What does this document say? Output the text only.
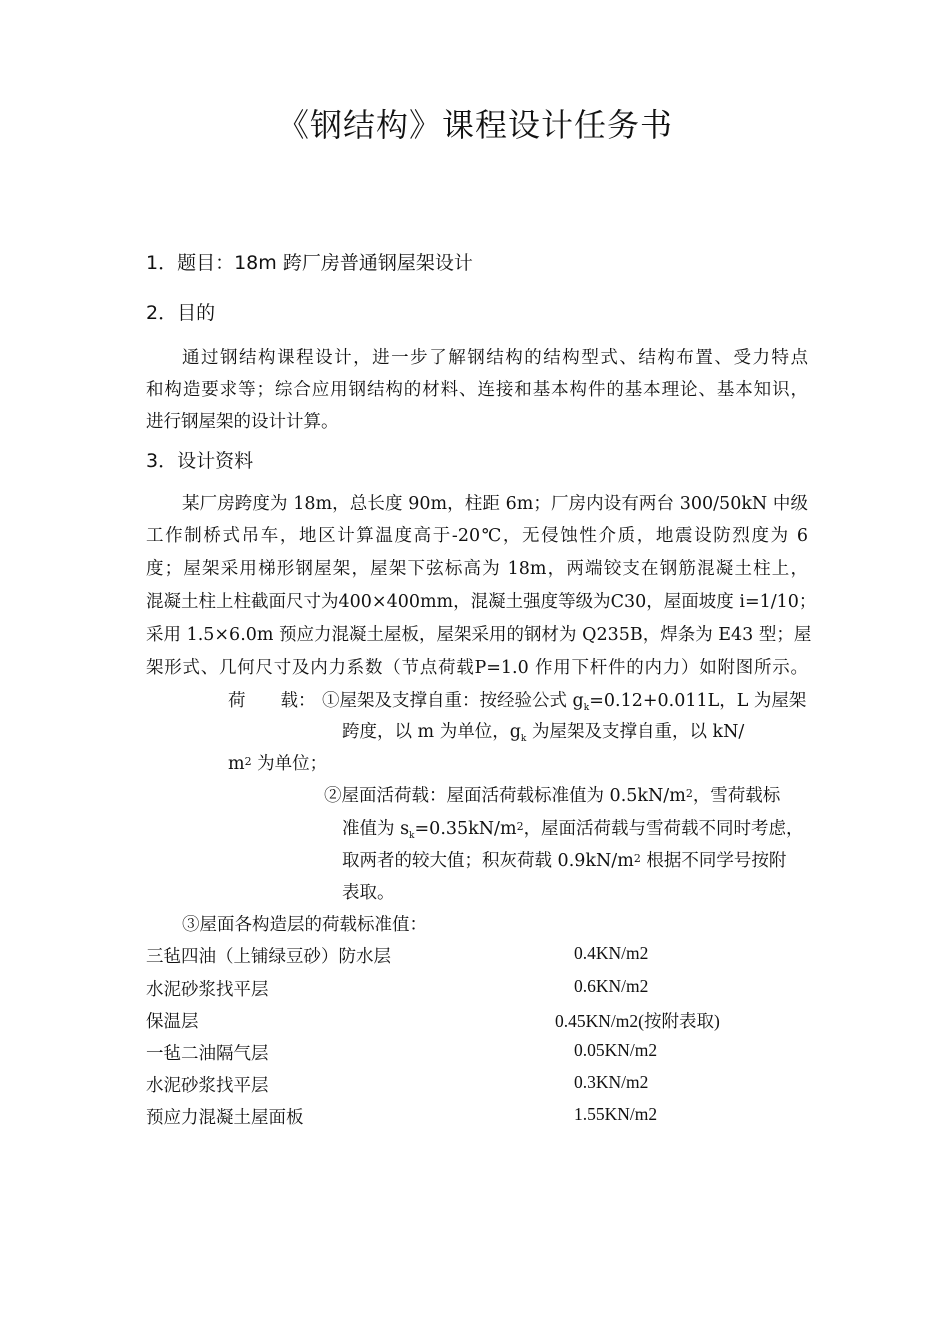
《钢结构》课程设计任务书
1．题目：18m 跨厂房普通钢屋架设计
2．目的
通过钢结构课程设计，进一步了解钢结构的结构型式、结构布置、受力特点
和构造要求等；综合应用钢结构的材料、连接和基本构件的基本理论、基本知识，
进行钢屋架的设计计算。
3．设计资料
某厂房跨度为 18m，总长度 90m，柱距 6m；厂房内设有两台 300/50kN 中级
工作制桥式吊车，地区计算温度高于-20℃，无侵蚀性介质，地震设防烈度为 6
度；屋架采用梯形钢屋架，屋架下弦标高为 18m，两端铰支在钢筋混凝土柱上，
混凝土柱上柱截面尺寸为400×400mm，混凝土强度等级为C30，屋面坡度 i=1/10；
采用 1.5×6.0m 预应力混凝土屋板，屋架采用的钢材为 Q235B，焊条为 E43 型；屋
架形式、几何尺寸及内力系数（节点荷载P=1.0 作用下杆件的内力）如附图所示。
荷　　载： ①屋架及支撑自重：按经验公式 $g_k=0.12+0.011L$，L 为屋架
跨度，以 m 为单位，$g_k$ 为屋架及支撑自重，以 kN/
$m^2$ 为单位；
②屋面活荷载：屋面活荷载标准值为 $0.5kN/m^2$，雪荷载标
准值为 $s_k=0.35kN/m^2$，屋面活荷载与雪荷载不同时考虑，
取两者的较大值；积灰荷载 $0.9kN/m^2$ 根据不同学号按附
表取。
③屋面各构造层的荷载标准值：
三毡四油（上铺绿豆砂）防水层	0.4KN/m2
水泥砂浆找平层	0.6KN/m2
保温层	0.45KN/m2(按附表取)
一毡二油隔气层	0.05KN/m2
水泥砂浆找平层	0.3KN/m2
预应力混凝土屋面板	1.55KN/m2
